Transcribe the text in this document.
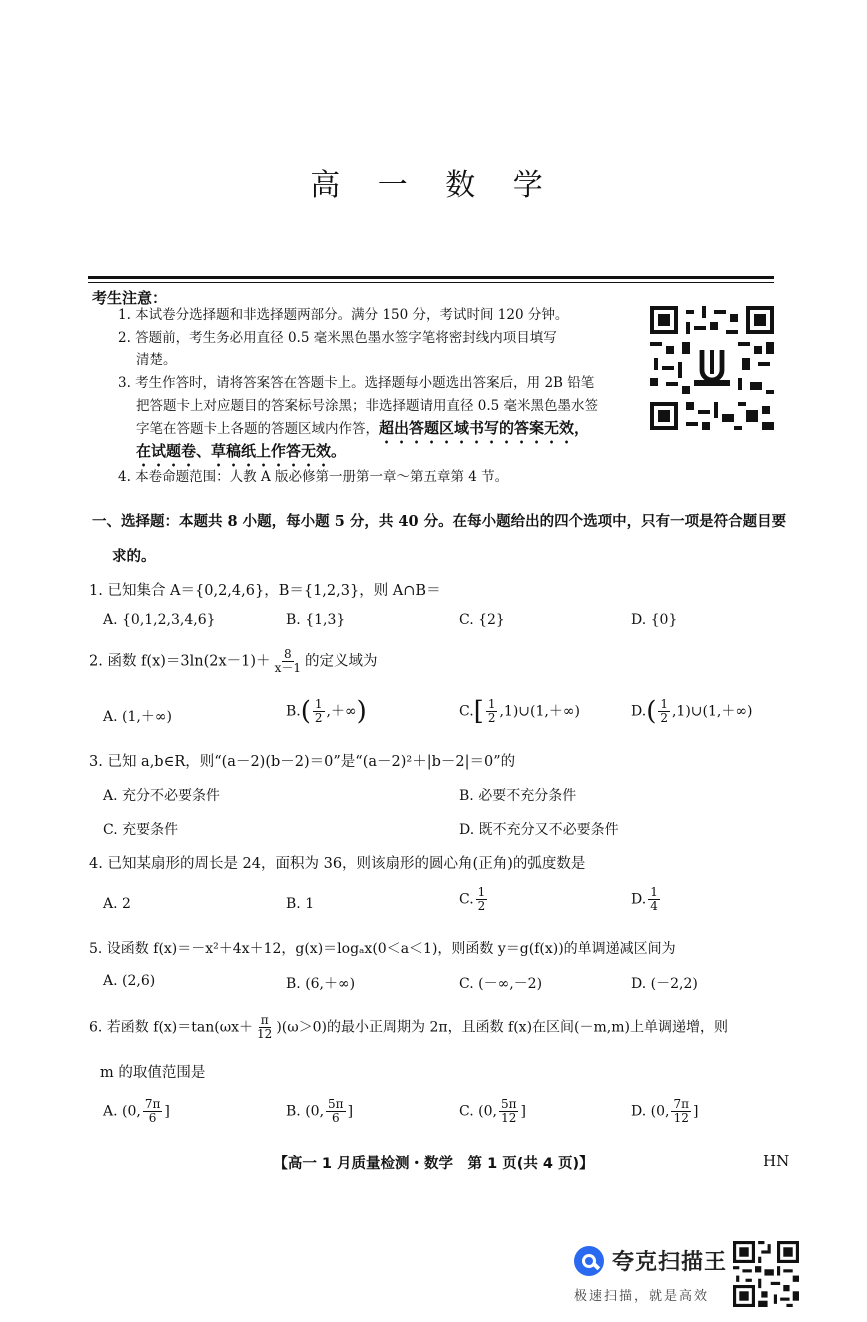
高 一 数 学
考生注意：
1. 本试卷分选择题和非选择题两部分。满分 150 分，考试时间 120 分钟。
2. 答题前，考生务必用直径 0.5 毫米黑色墨水签字笔将密封线内项目填写
清楚。
3. 考生作答时，请将答案答在答题卡上。选择题每小题选出答案后，用 2B 铅笔
把答题卡上对应题目的答案标号涂黑；非选择题请用直径 0.5 毫米黑色墨水签
字笔在答题卡上各题的答题区域内作答，超出答题区域书写的答案无效，
在试题卷、草稿纸上作答无效。
4. 本卷命题范围：人教 A 版必修第一册第一章～第五章第 4 节。
一、选择题：本题共 8 小题，每小题 5 分，共 40 分。在每小题给出的四个选项中，只有一项是符合题目要
求的。
1. 已知集合 A＝{0,2,4,6}，B＝{1,2,3}，则 A∩B＝
A. {0,1,2,3,4,6}	B. {1,3}	C. {2}	D. {0}
2. 函数 $f(x)=3\ln(2x-1)+ \frac{8}{x-1}$ 的定义域为
A. (1,＋∞)	$B.( \frac{1}{2}$ ,＋∞)	$C.[ \frac{1}{2}$ ,1)∪(1,＋∞)	$D.( \frac{1}{2}$ ,1)∪(1,＋∞)
3. 已知 a,b∈R，则“(a－2)(b－2)＝0”是“(a－2)²＋|b－2|＝0”的
A. 充分不必要条件	B. 必要不充分条件
C. 充要条件	D. 既不充分又不必要条件
4. 已知某扇形的周长是 24，面积为 36，则该扇形的圆心角(正角)的弧度数是
A. 2	B. 1	C. $\frac{1}{2}$	D. $\frac{1}{4}$
5. 设函数 f(x)＝－x²＋4x＋12，g(x)＝logₐx(0＜a＜1)，则函数 y＝g(f(x))的单调递减区间为
A. (2,6)	B. (6,＋∞)	C. (－∞,－2)	D. (－2,2)
6. 若函数 $f(x)=\tan(\omega x+ \frac{\pi}{12} )(\omega>0)$的最小正周期为 2π，且函数 f(x)在区间(－m,m)上单调递增，则
m 的取值范围是
A. (0, $\frac{7\pi}{6}$ ]	B. (0, $\frac{5\pi}{6}$ ]	C. (0, $\frac{5\pi}{12}$ ]	D. (0, $\frac{7\pi}{12}$ ]
【高一 1 月质量检测・数学　第 1 页(共 4 页)】	HN
夸克扫描王
极速扫描，就是高效
